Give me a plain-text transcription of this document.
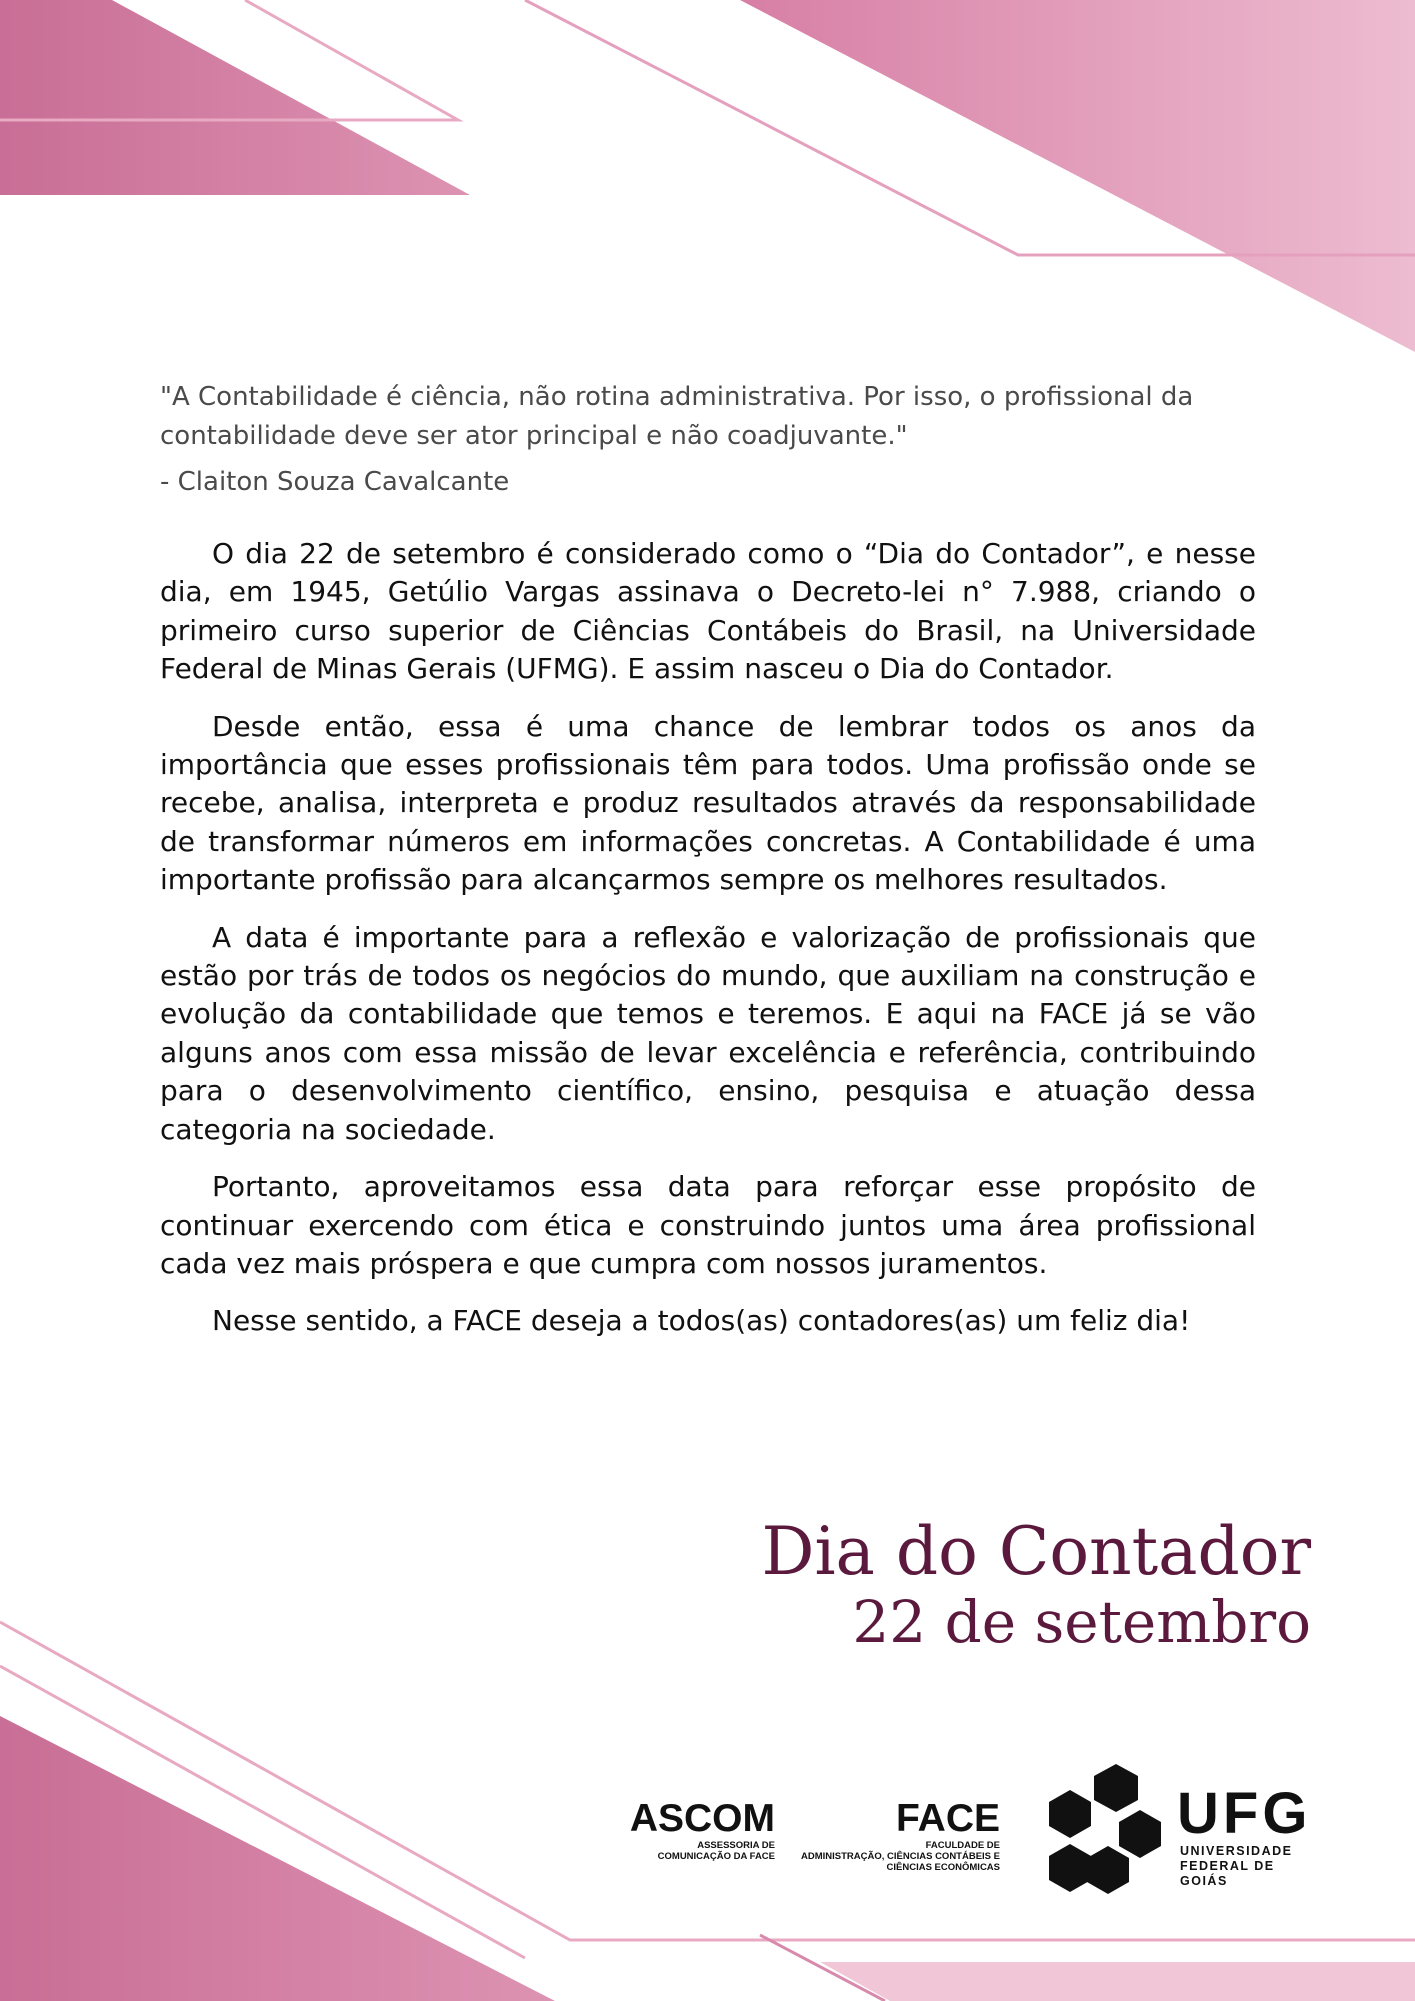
"A Contabilidade é ciência, não rotina administrativa. Por isso, o profissional da contabilidade deve ser ator principal e não coadjuvante."

- Claiton Souza Cavalcante

O dia 22 de setembro é considerado como o “Dia do Contador”, e nesse dia, em 1945, Getúlio Vargas assinava o Decreto-lei n° 7.988, criando o primeiro curso superior de Ciências Contábeis do Brasil, na Universidade Federal de Minas Gerais (UFMG). E assim nasceu o Dia do Contador.

Desde então, essa é uma chance de lembrar todos os anos da importância que esses profissionais têm para todos. Uma profissão onde se recebe, analisa, interpreta e produz resultados através da responsabilidade de transformar números em informações concretas. A Contabilidade é uma importante profissão para alcançarmos sempre os melhores resultados.

A data é importante para a reflexão e valorização de profissionais que estão por trás de todos os negócios do mundo, que auxiliam na construção e evolução da contabilidade que temos e teremos. E aqui na FACE já se vão alguns anos com essa missão de levar excelência e referência, contribuindo para o desenvolvimento científico, ensino, pesquisa e atuação dessa categoria na sociedade.

Portanto, aproveitamos essa data para reforçar esse propósito de continuar exercendo com ética e construindo juntos uma área profissional cada vez mais próspera e que cumpra com nossos juramentos.

Nesse sentido, a FACE deseja a todos(as) contadores(as) um feliz dia!

Dia do Contador
22 de setembro
ASCOM
ASSESSORIA DE
COMUNICAÇÃO DA FACE
FACE
FACULDADE DE
ADMINISTRAÇÃO, CIÊNCIAS CONTÁBEIS E
CIÊNCIAS ECONÔMICAS
UFG
UNIVERSIDADE
FEDERAL DE GOIÁS
